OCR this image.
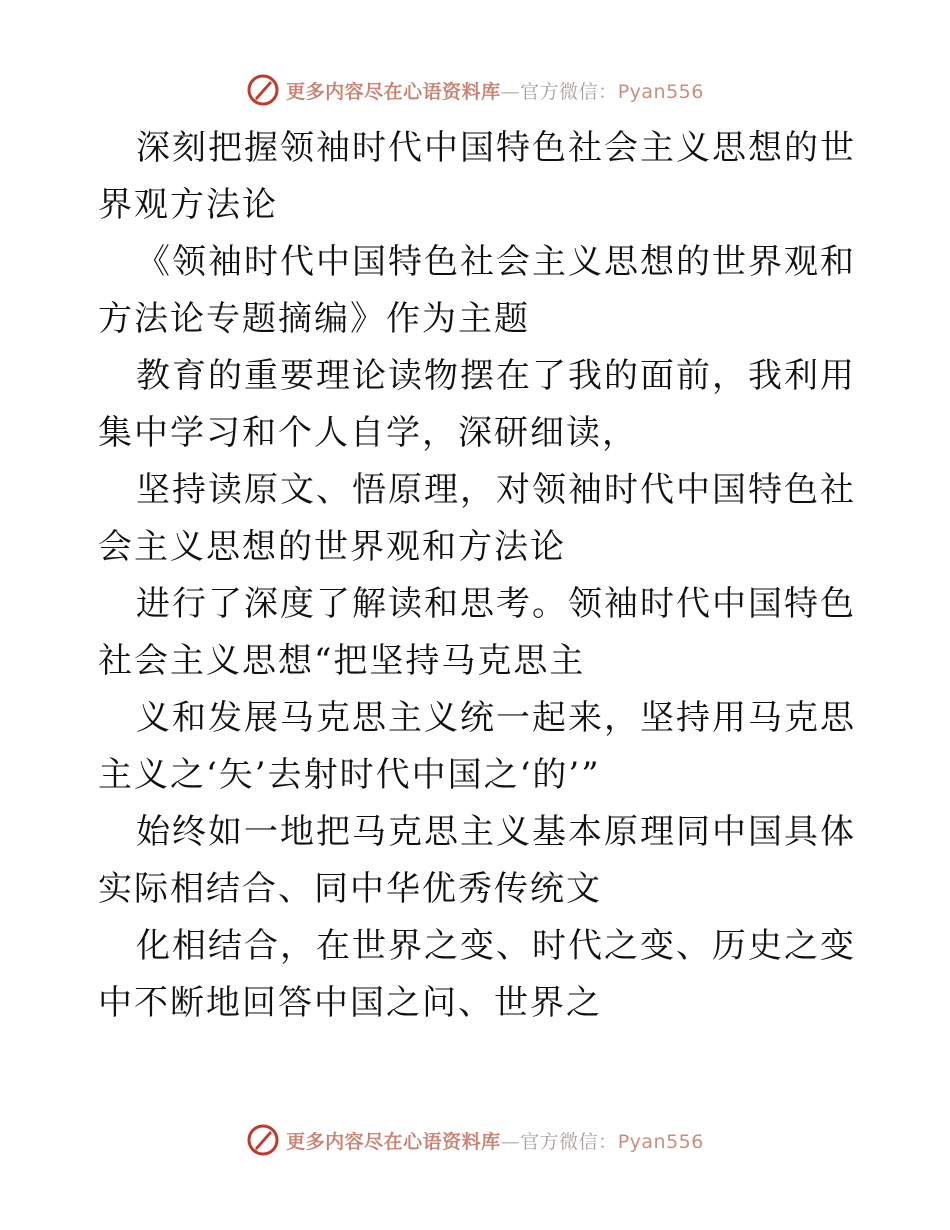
更多内容尽在心语资料库—官方微信：Pyan556

深刻把握领袖时代中国特色社会主义思想的世界观方法论

《领袖时代中国特色社会主义思想的世界观和方法论专题摘编》作为主题

教育的重要理论读物摆在了我的面前，我利用集中学习和个人自学，深研细读，

坚持读原文、悟原理，对领袖时代中国特色社会主义思想的世界观和方法论

进行了深度了解读和思考。领袖时代中国特色社会主义思想“把坚持马克思主

义和发展马克思主义统一起来，坚持用马克思主义之‘矢’去射时代中国之‘的’”

始终如一地把马克思主义基本原理同中国具体实际相结合、同中华优秀传统文

化相结合，在世界之变、时代之变、历史之变中不断地回答中国之问、世界之

更多内容尽在心语资料库—官方微信：Pyan556
